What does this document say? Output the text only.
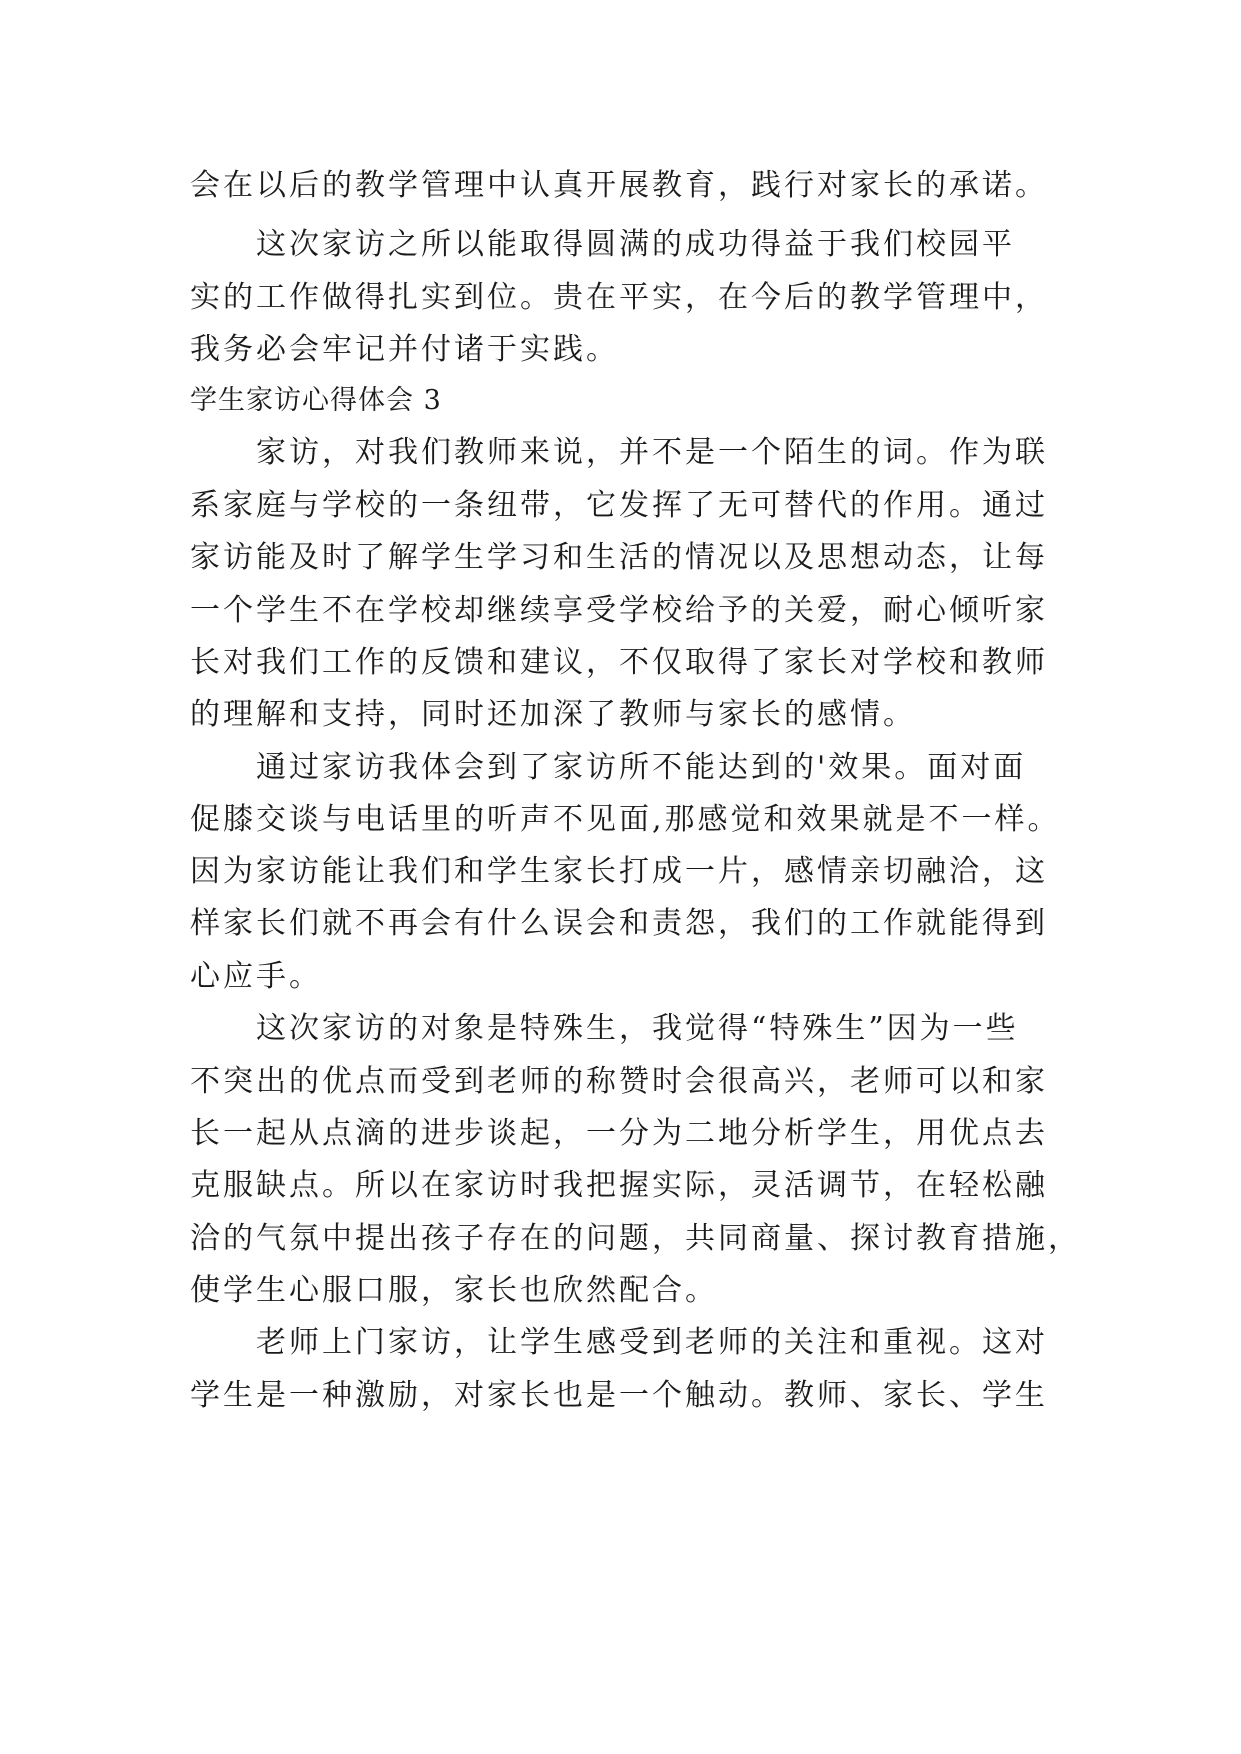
会在以后的教学管理中认真开展教育，践行对家长的承诺。

这次家访之所以能取得圆满的成功得益于我们校园平

实的工作做得扎实到位。贵在平实，在今后的教学管理中，

我务必会牢记并付诸于实践。

学生家访心得体会 3

家访，对我们教师来说，并不是一个陌生的词。作为联

系家庭与学校的一条纽带，它发挥了无可替代的作用。通过

家访能及时了解学生学习和生活的情况以及思想动态，让每

一个学生不在学校却继续享受学校给予的关爱，耐心倾听家

长对我们工作的反馈和建议，不仅取得了家长对学校和教师

的理解和支持，同时还加深了教师与家长的感情。

通过家访我体会到了家访所不能达到的'效果。面对面

促膝交谈与电话里的听声不见面,那感觉和效果就是不一样。

因为家访能让我们和学生家长打成一片，感情亲切融洽，这

样家长们就不再会有什么误会和责怨，我们的工作就能得到

心应手。

这次家访的对象是特殊生，我觉得“特殊生”因为一些

不突出的优点而受到老师的称赞时会很高兴，老师可以和家

长一起从点滴的进步谈起，一分为二地分析学生，用优点去

克服缺点。所以在家访时我把握实际，灵活调节，在轻松融

洽的气氛中提出孩子存在的问题，共同商量、探讨教育措施，

使学生心服口服，家长也欣然配合。

老师上门家访，让学生感受到老师的关注和重视。这对

学生是一种激励，对家长也是一个触动。教师、家长、学生
